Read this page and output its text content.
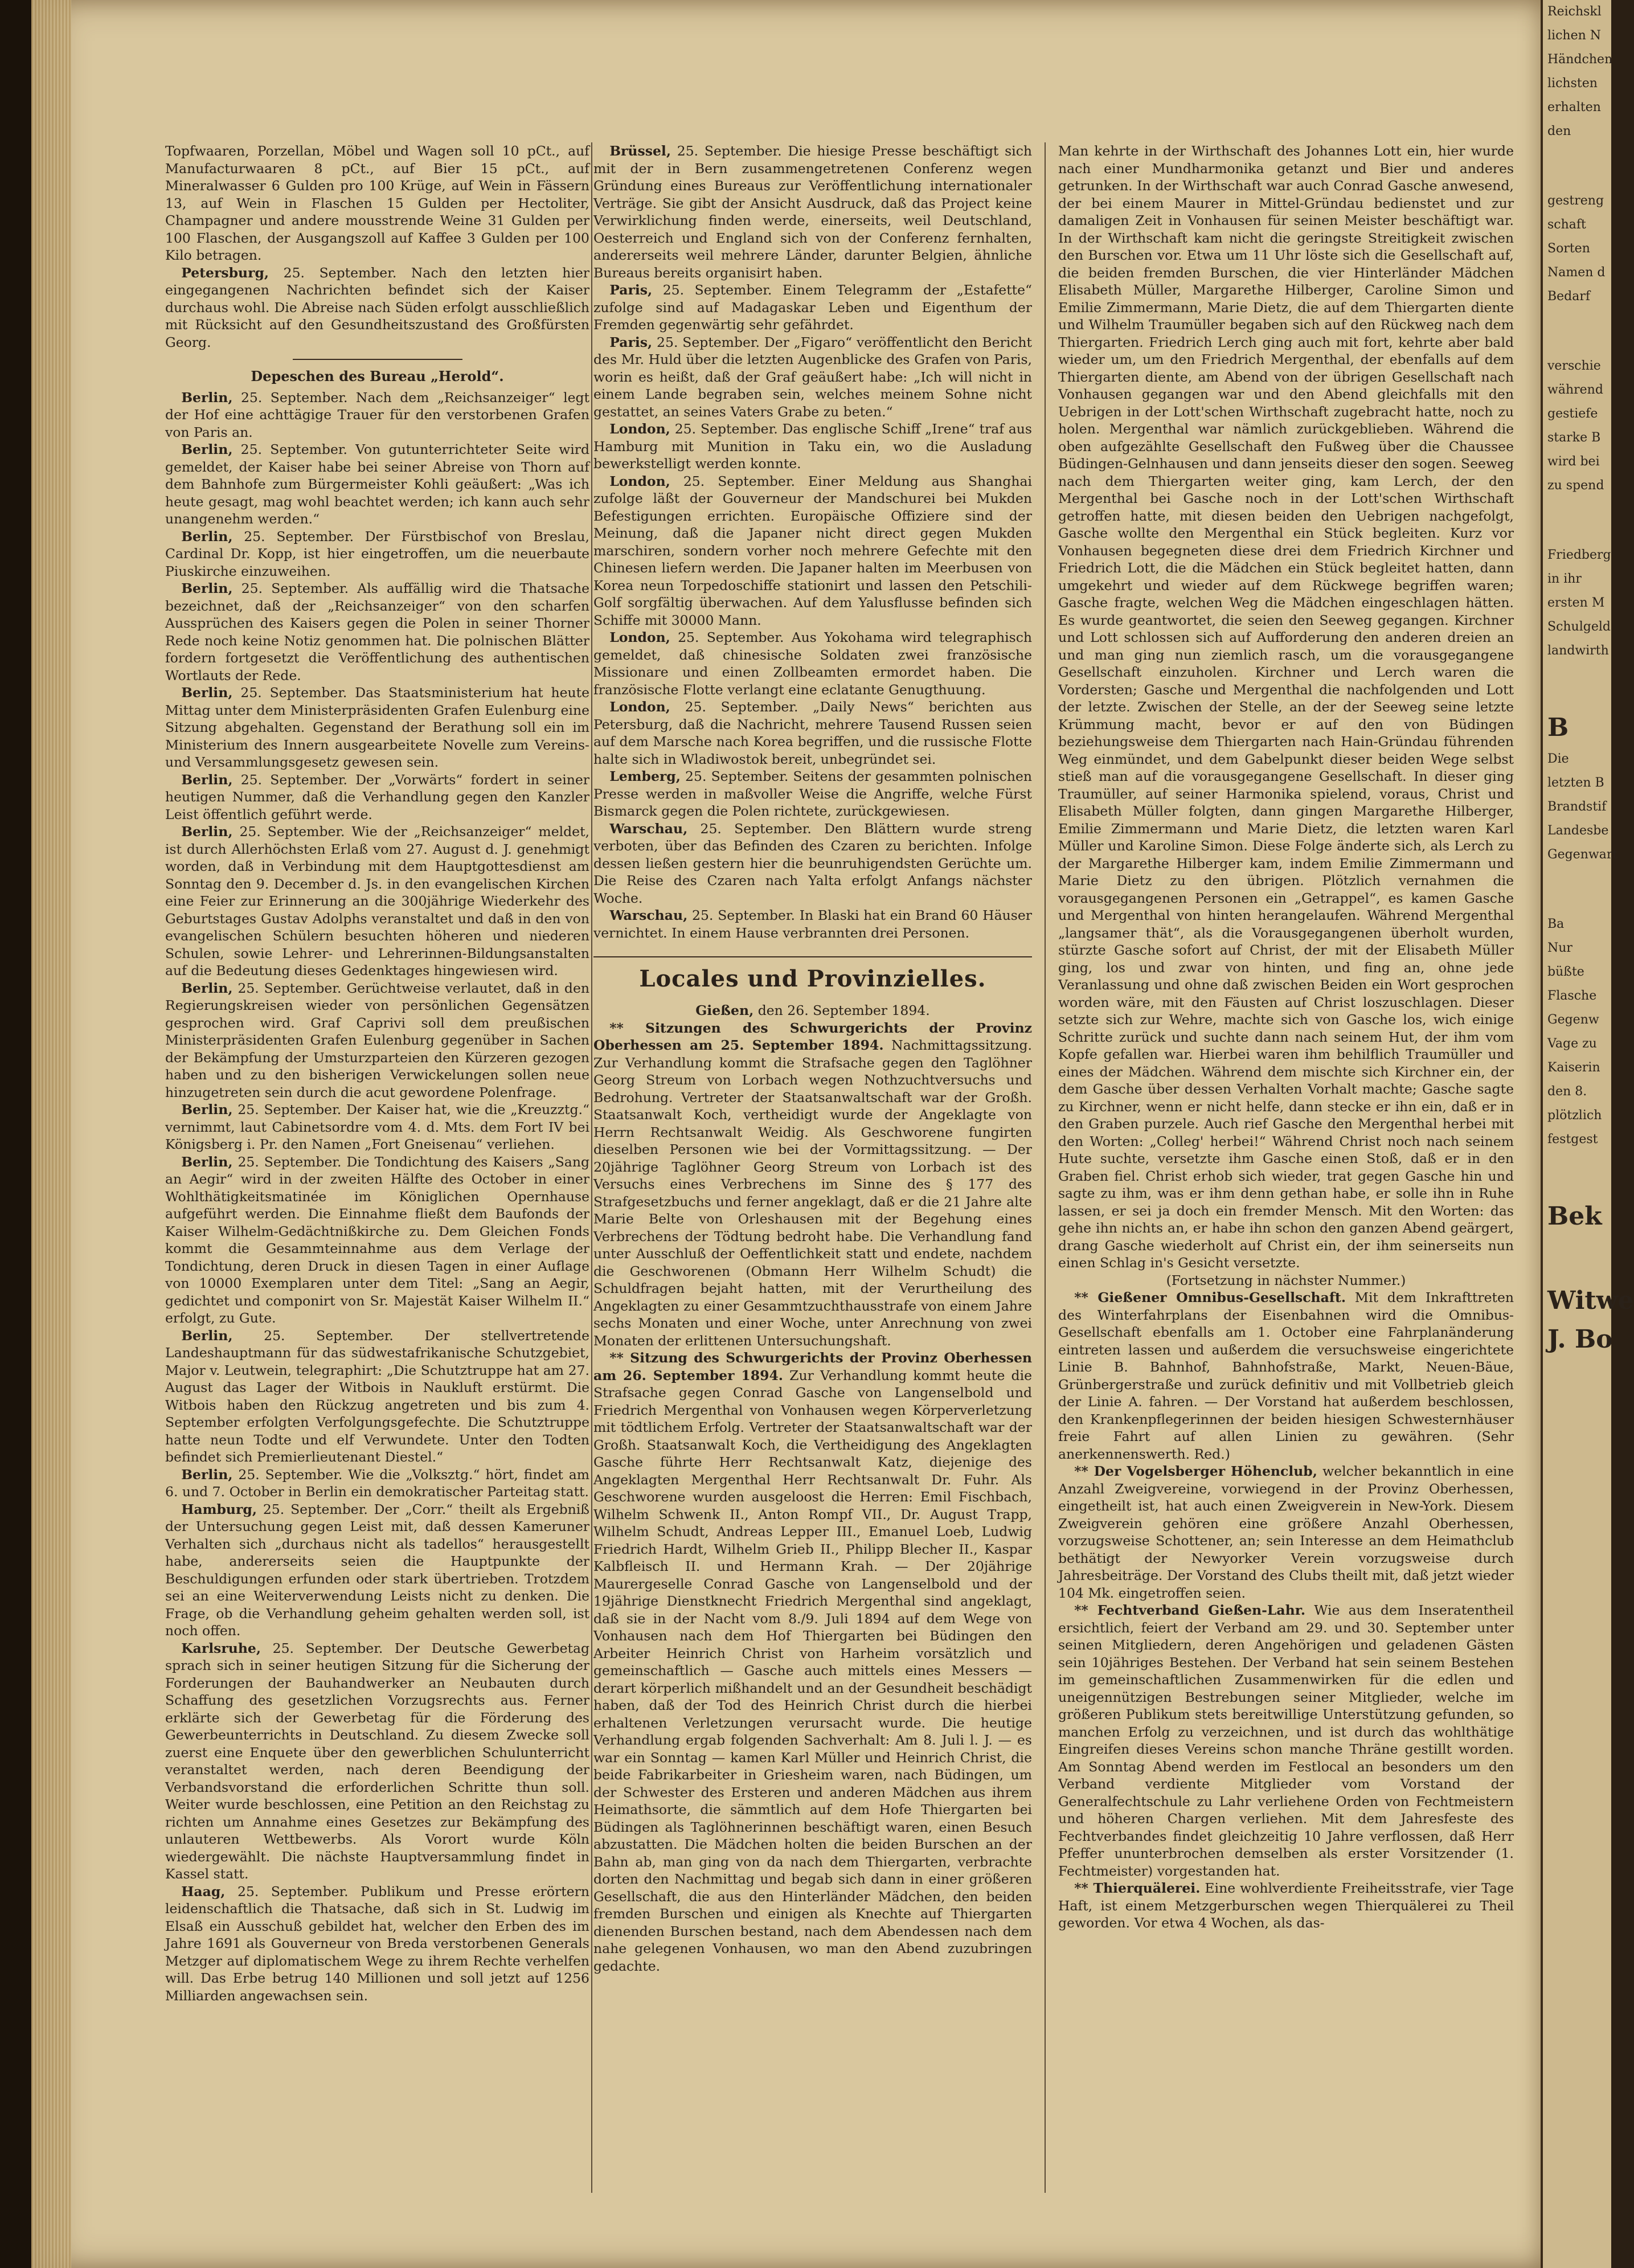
Topfwaaren, Porzellan, Möbel und Wagen soll 10 pCt., auf Manufacturwaaren 8 pCt., auf Bier 15 pCt., auf Mineralwasser 6 Gulden pro 100 Krüge, auf Wein in Fässern 13, auf Wein in Flaschen 15 Gulden per Hectoliter, Champagner und andere mousstrende Weine 31 Gulden per 100 Flaschen, der Ausgangszoll auf Kaffee 3 Gulden per 100 Kilo betragen.

Petersburg, 25. September. Nach den letzten hier eingegangenen Nachrichten befindet sich der Kaiser durchaus wohl. Die Abreise nach Süden erfolgt ausschließlich mit Rücksicht auf den Gesundheitszustand des Großfürsten Georg.

Depeschen des Bureau „Herold“.

Berlin, 25. September. Nach dem „Reichsanzeiger“ legt der Hof eine achttägige Trauer für den verstorbenen Grafen von Paris an.

Berlin, 25. September. Von gutunterrichteter Seite wird gemeldet, der Kaiser habe bei seiner Abreise von Thorn auf dem Bahnhofe zum Bürgermeister Kohli geäußert: „Was ich heute gesagt, mag wohl beachtet werden; ich kann auch sehr unangenehm werden.“

Berlin, 25. September. Der Fürstbischof von Breslau, Cardinal Dr. Kopp, ist hier eingetroffen, um die neuerbaute Piuskirche einzuweihen.

Berlin, 25. September. Als auffällig wird die Thatsache bezeichnet, daß der „Reichsanzeiger“ von den scharfen Aussprüchen des Kaisers gegen die Polen in seiner Thorner Rede noch keine Notiz genommen hat. Die polnischen Blätter fordern fortgesetzt die Veröffentlichung des authentischen Wortlauts der Rede.

Berlin, 25. September. Das Staatsministerium hat heute Mittag unter dem Ministerpräsidenten Grafen Eulenburg eine Sitzung abgehalten. Gegenstand der Berathung soll ein im Ministerium des Innern ausgearbeitete Novelle zum Vereins- und Versammlungsgesetz gewesen sein.

Berlin, 25. September. Der „Vorwärts“ fordert in seiner heutigen Nummer, daß die Verhandlung gegen den Kanzler Leist öffentlich geführt werde.

Berlin, 25. September. Wie der „Reichsanzeiger“ meldet, ist durch Allerhöchsten Erlaß vom 27. August d. J. genehmigt worden, daß in Verbindung mit dem Hauptgottesdienst am Sonntag den 9. December d. Js. in den evangelischen Kirchen eine Feier zur Erinnerung an die 300jährige Wiederkehr des Geburtstages Gustav Adolphs veranstaltet und daß in den von evangelischen Schülern besuchten höheren und niederen Schulen, sowie Lehrer- und Lehrerinnen-Bildungsanstalten auf die Bedeutung dieses Gedenktages hingewiesen wird.

Berlin, 25. September. Gerüchtweise verlautet, daß in den Regierungskreisen wieder von persönlichen Gegensätzen gesprochen wird. Graf Caprivi soll dem preußischen Ministerpräsidenten Grafen Eulenburg gegenüber in Sachen der Bekämpfung der Umsturzparteien den Kürzeren gezogen haben und zu den bisherigen Verwickelungen sollen neue hinzugetreten sein durch die acut gewordene Polenfrage.

Berlin, 25. September. Der Kaiser hat, wie die „Kreuzztg.“ vernimmt, laut Cabinetsordre vom 4. d. Mts. dem Fort IV bei Königsberg i. Pr. den Namen „Fort Gneisenau“ verliehen.

Berlin, 25. September. Die Tondichtung des Kaisers „Sang an Aegir“ wird in der zweiten Hälfte des October in einer Wohlthätigkeitsmatinée im Königlichen Opernhause aufgeführt werden. Die Einnahme fließt dem Baufonds der Kaiser Wilhelm-Gedächtnißkirche zu. Dem Gleichen Fonds kommt die Gesammteinnahme aus dem Verlage der Tondichtung, deren Druck in diesen Tagen in einer Auflage von 10000 Exemplaren unter dem Titel: „Sang an Aegir, gedichtet und componirt von Sr. Majestät Kaiser Wilhelm II.“ erfolgt, zu Gute.

Berlin, 25. September. Der stellvertretende Landeshauptmann für das südwestafrikanische Schutzgebiet, Major v. Leutwein, telegraphirt: „Die Schutztruppe hat am 27. August das Lager der Witbois in Naukluft erstürmt. Die Witbois haben den Rückzug angetreten und bis zum 4. September erfolgten Verfolgungsgefechte. Die Schutztruppe hatte neun Todte und elf Verwundete. Unter den Todten befindet sich Premierlieutenant Diestel.“

Berlin, 25. September. Wie die „Volksztg.“ hört, findet am 6. und 7. October in Berlin ein demokratischer Parteitag statt.

Hamburg, 25. September. Der „Corr.“ theilt als Ergebniß der Untersuchung gegen Leist mit, daß dessen Kameruner Verhalten sich „durchaus nicht als tadellos“ herausgestellt habe, andererseits seien die Hauptpunkte der Beschuldigungen erfunden oder stark übertrieben. Trotzdem sei an eine Weiterverwendung Leists nicht zu denken. Die Frage, ob die Verhandlung geheim gehalten werden soll, ist noch offen.

Karlsruhe, 25. September. Der Deutsche Gewerbetag sprach sich in seiner heutigen Sitzung für die Sicherung der Forderungen der Bauhandwerker an Neubauten durch Schaffung des gesetzlichen Vorzugsrechts aus. Ferner erklärte sich der Gewerbetag für die Förderung des Gewerbeunterrichts in Deutschland. Zu diesem Zwecke soll zuerst eine Enquete über den gewerblichen Schulunterricht veranstaltet werden, nach deren Beendigung der Verbandsvorstand die erforderlichen Schritte thun soll. Weiter wurde beschlossen, eine Petition an den Reichstag zu richten um Annahme eines Gesetzes zur Bekämpfung des unlauteren Wettbewerbs. Als Vorort wurde Köln wiedergewählt. Die nächste Hauptversammlung findet in Kassel statt.

Haag, 25. September. Publikum und Presse erörtern leidenschaftlich die Thatsache, daß sich in St. Ludwig im Elsaß ein Ausschuß gebildet hat, welcher den Erben des im Jahre 1691 als Gouverneur von Breda verstorbenen Generals Metzger auf diplomatischem Wege zu ihrem Rechte verhelfen will. Das Erbe betrug 140 Millionen und soll jetzt auf 1256 Milliarden angewachsen sein.

Brüssel, 25. September. Die hiesige Presse beschäftigt sich mit der in Bern zusammengetretenen Conferenz wegen Gründung eines Bureaus zur Veröffentlichung internationaler Verträge. Sie gibt der Ansicht Ausdruck, daß das Project keine Verwirklichung finden werde, einerseits, weil Deutschland, Oesterreich und England sich von der Conferenz fernhalten, andererseits weil mehrere Länder, darunter Belgien, ähnliche Bureaus bereits organisirt haben.

Paris, 25. September. Einem Telegramm der „Estafette“ zufolge sind auf Madagaskar Leben und Eigenthum der Fremden gegenwärtig sehr gefährdet.

Paris, 25. September. Der „Figaro“ veröffentlicht den Bericht des Mr. Huld über die letzten Augenblicke des Grafen von Paris, worin es heißt, daß der Graf geäußert habe: „Ich will nicht in einem Lande begraben sein, welches meinem Sohne nicht gestattet, an seines Vaters Grabe zu beten.“

London, 25. September. Das englische Schiff „Irene“ traf aus Hamburg mit Munition in Taku ein, wo die Ausladung bewerkstelligt werden konnte.

London, 25. September. Einer Meldung aus Shanghai zufolge läßt der Gouverneur der Mandschurei bei Mukden Befestigungen errichten. Europäische Offiziere sind der Meinung, daß die Japaner nicht direct gegen Mukden marschiren, sondern vorher noch mehrere Gefechte mit den Chinesen liefern werden. Die Japaner halten im Meerbusen von Korea neun Torpedoschiffe stationirt und lassen den Petschili-Golf sorgfältig überwachen. Auf dem Yalusflusse befinden sich Schiffe mit 30000 Mann.

London, 25. September. Aus Yokohama wird telegraphisch gemeldet, daß chinesische Soldaten zwei französische Missionare und einen Zollbeamten ermordet haben. Die französische Flotte verlangt eine eclatante Genugthuung.

London, 25. September. „Daily News“ berichten aus Petersburg, daß die Nachricht, mehrere Tausend Russen seien auf dem Marsche nach Korea begriffen, und die russische Flotte halte sich in Wladiwostok bereit, unbegründet sei.

Lemberg, 25. September. Seitens der gesammten polnischen Presse werden in maßvoller Weise die Angriffe, welche Fürst Bismarck gegen die Polen richtete, zurückgewiesen.

Warschau, 25. September. Den Blättern wurde streng verboten, über das Befinden des Czaren zu berichten. Infolge dessen ließen gestern hier die beunruhigendsten Gerüchte um. Die Reise des Czaren nach Yalta erfolgt Anfangs nächster Woche.

Warschau, 25. September. In Blaski hat ein Brand 60 Häuser vernichtet. In einem Hause verbrannten drei Personen.

Locales und Provinzielles.

Gießen, den 26. September 1894.

** Sitzungen des Schwurgerichts der Provinz Oberhessen am 25. September 1894. Nachmittagssitzung. Zur Verhandlung kommt die Strafsache gegen den Taglöhner Georg Streum von Lorbach wegen Nothzuchtversuchs und Bedrohung. Vertreter der Staatsanwaltschaft war der Großh. Staatsanwalt Koch, vertheidigt wurde der Angeklagte von Herrn Rechtsanwalt Weidig. Als Geschworene fungirten dieselben Personen wie bei der Vormittagssitzung. — Der 20jährige Taglöhner Georg Streum von Lorbach ist des Versuchs eines Verbrechens im Sinne des § 177 des Strafgesetzbuchs und ferner angeklagt, daß er die 21 Jahre alte Marie Belte von Orleshausen mit der Begehung eines Verbrechens der Tödtung bedroht habe. Die Verhandlung fand unter Ausschluß der Oeffentlichkeit statt und endete, nachdem die Geschworenen (Obmann Herr Wilhelm Schudt) die Schuldfragen bejaht hatten, mit der Verurtheilung des Angeklagten zu einer Gesammtzuchthausstrafe von einem Jahre sechs Monaten und einer Woche, unter Anrechnung von zwei Monaten der erlittenen Untersuchungshaft.

** Sitzung des Schwurgerichts der Provinz Oberhessen am 26. September 1894. Zur Verhandlung kommt heute die Strafsache gegen Conrad Gasche von Langenselbold und Friedrich Mergenthal von Vonhausen wegen Körperverletzung mit tödtlichem Erfolg. Vertreter der Staatsanwaltschaft war der Großh. Staatsanwalt Koch, die Vertheidigung des Angeklagten Gasche führte Herr Rechtsanwalt Katz, diejenige des Angeklagten Mergenthal Herr Rechtsanwalt Dr. Fuhr. Als Geschworene wurden ausgeloost die Herren: Emil Fischbach, Wilhelm Schwenk II., Anton Rompf VII., Dr. August Trapp, Wilhelm Schudt, Andreas Lepper III., Emanuel Loeb, Ludwig Friedrich Hardt, Wilhelm Grieb II., Philipp Blecher II., Kaspar Kalbfleisch II. und Hermann Krah. — Der 20jährige Maurergeselle Conrad Gasche von Langenselbold und der 19jährige Dienstknecht Friedrich Mergenthal sind angeklagt, daß sie in der Nacht vom 8./9. Juli 1894 auf dem Wege von Vonhausen nach dem Hof Thiergarten bei Büdingen den Arbeiter Heinrich Christ von Harheim vorsätzlich und gemeinschaftlich — Gasche auch mittels eines Messers — derart körperlich mißhandelt und an der Gesundheit beschädigt haben, daß der Tod des Heinrich Christ durch die hierbei erhaltenen Verletzungen verursacht wurde. Die heutige Verhandlung ergab folgenden Sachverhalt: Am 8. Juli l. J. — es war ein Sonntag — kamen Karl Müller und Heinrich Christ, die beide Fabrikarbeiter in Griesheim waren, nach Büdingen, um der Schwester des Ersteren und anderen Mädchen aus ihrem Heimathsorte, die sämmtlich auf dem Hofe Thiergarten bei Büdingen als Taglöhnerinnen beschäftigt waren, einen Besuch abzustatten. Die Mädchen holten die beiden Burschen an der Bahn ab, man ging von da nach dem Thiergarten, verbrachte dorten den Nachmittag und begab sich dann in einer größeren Gesellschaft, die aus den Hinterländer Mädchen, den beiden fremden Burschen und einigen als Knechte auf Thiergarten dienenden Burschen bestand, nach dem Abendessen nach dem nahe gelegenen Vonhausen, wo man den Abend zuzubringen gedachte.

Man kehrte in der Wirthschaft des Johannes Lott ein, hier wurde nach einer Mundharmonika getanzt und Bier und anderes getrunken. In der Wirthschaft war auch Conrad Gasche anwesend, der bei einem Maurer in Mittel-Gründau bedienstet und zur damaligen Zeit in Vonhausen für seinen Meister beschäftigt war. In der Wirthschaft kam nicht die geringste Streitigkeit zwischen den Burschen vor. Etwa um 11 Uhr löste sich die Gesellschaft auf, die beiden fremden Burschen, die vier Hinterländer Mädchen Elisabeth Müller, Margarethe Hilberger, Caroline Simon und Emilie Zimmermann, Marie Dietz, die auf dem Thiergarten diente und Wilhelm Traumüller begaben sich auf den Rückweg nach dem Thiergarten. Friedrich Lerch ging auch mit fort, kehrte aber bald wieder um, um den Friedrich Mergenthal, der ebenfalls auf dem Thiergarten diente, am Abend von der übrigen Gesellschaft nach Vonhausen gegangen war und den Abend gleichfalls mit den Uebrigen in der Lott'schen Wirthschaft zugebracht hatte, noch zu holen. Mergenthal war nämlich zurückgeblieben. Während die oben aufgezählte Gesellschaft den Fußweg über die Chaussee Büdingen-Gelnhausen und dann jenseits dieser den sogen. Seeweg nach dem Thiergarten weiter ging, kam Lerch, der den Mergenthal bei Gasche noch in der Lott'schen Wirthschaft getroffen hatte, mit diesen beiden den Uebrigen nachgefolgt, Gasche wollte den Mergenthal ein Stück begleiten. Kurz vor Vonhausen begegneten diese drei dem Friedrich Kirchner und Friedrich Lott, die die Mädchen ein Stück begleitet hatten, dann umgekehrt und wieder auf dem Rückwege begriffen waren; Gasche fragte, welchen Weg die Mädchen eingeschlagen hätten. Es wurde geantwortet, die seien den Seeweg gegangen. Kirchner und Lott schlossen sich auf Aufforderung den anderen dreien an und man ging nun ziemlich rasch, um die vorausgegangene Gesellschaft einzuholen. Kirchner und Lerch waren die Vordersten; Gasche und Mergenthal die nachfolgenden und Lott der letzte. Zwischen der Stelle, an der der Seeweg seine letzte Krümmung macht, bevor er auf den von Büdingen beziehungsweise dem Thiergarten nach Hain-Gründau führenden Weg einmündet, und dem Gabelpunkt dieser beiden Wege selbst stieß man auf die vorausgegangene Gesellschaft. In dieser ging Traumüller, auf seiner Harmonika spielend, voraus, Christ und Elisabeth Müller folgten, dann gingen Margarethe Hilberger, Emilie Zimmermann und Marie Dietz, die letzten waren Karl Müller und Karoline Simon. Diese Folge änderte sich, als Lerch zu der Margarethe Hilberger kam, indem Emilie Zimmermann und Marie Dietz zu den übrigen. Plötzlich vernahmen die vorausgegangenen Personen ein „Getrappel“, es kamen Gasche und Mergenthal von hinten herangelaufen. Während Mergenthal „langsamer thät“, als die Vorausgegangenen überholt wurden, stürzte Gasche sofort auf Christ, der mit der Elisabeth Müller ging, los und zwar von hinten, und fing an, ohne jede Veranlassung und ohne daß zwischen Beiden ein Wort gesprochen worden wäre, mit den Fäusten auf Christ loszuschlagen. Dieser setzte sich zur Wehre, machte sich von Gasche los, wich einige Schritte zurück und suchte dann nach seinem Hut, der ihm vom Kopfe gefallen war. Hierbei waren ihm behilflich Traumüller und eines der Mädchen. Während dem mischte sich Kirchner ein, der dem Gasche über dessen Verhalten Vorhalt machte; Gasche sagte zu Kirchner, wenn er nicht helfe, dann stecke er ihn ein, daß er in den Graben purzele. Auch rief Gasche den Mergenthal herbei mit den Worten: „Colleg' herbei!“ Während Christ noch nach seinem Hute suchte, versetzte ihm Gasche einen Stoß, daß er in den Graben fiel. Christ erhob sich wieder, trat gegen Gasche hin und sagte zu ihm, was er ihm denn gethan habe, er solle ihn in Ruhe lassen, er sei ja doch ein fremder Mensch. Mit den Worten: das gehe ihn nichts an, er habe ihn schon den ganzen Abend geärgert, drang Gasche wiederholt auf Christ ein, der ihm seinerseits nun einen Schlag in's Gesicht versetzte.

(Fortsetzung in nächster Nummer.)

** Gießener Omnibus-Gesellschaft. Mit dem Inkrafttreten des Winterfahrplans der Eisenbahnen wird die Omnibus-Gesellschaft ebenfalls am 1. October eine Fahrplanänderung eintreten lassen und außerdem die versuchsweise eingerichtete Linie B. Bahnhof, Bahnhofstraße, Markt, Neuen-Bäue, Grünbergerstraße und zurück definitiv und mit Vollbetrieb gleich der Linie A. fahren. — Der Vorstand hat außerdem beschlossen, den Krankenpflegerinnen der beiden hiesigen Schwesternhäuser freie Fahrt auf allen Linien zu gewähren. (Sehr anerkennenswerth. Red.)

** Der Vogelsberger Höhenclub, welcher bekanntlich in eine Anzahl Zweigvereine, vorwiegend in der Provinz Oberhessen, eingetheilt ist, hat auch einen Zweigverein in New-York. Diesem Zweigverein gehören eine größere Anzahl Oberhessen, vorzugsweise Schottener, an; sein Interesse an dem Heimathclub bethätigt der Newyorker Verein vorzugsweise durch Jahresbeiträge. Der Vorstand des Clubs theilt mit, daß jetzt wieder 104 Mk. eingetroffen seien.

** Fechtverband Gießen-Lahr. Wie aus dem Inseratentheil ersichtlich, feiert der Verband am 29. und 30. September unter seinen Mitgliedern, deren Angehörigen und geladenen Gästen sein 10jähriges Bestehen. Der Verband hat sein seinem Bestehen im gemeinschaftlichen Zusammenwirken für die edlen und uneigennützigen Bestrebungen seiner Mitglieder, welche im größeren Publikum stets bereitwillige Unterstützung gefunden, so manchen Erfolg zu verzeichnen, und ist durch das wohlthätige Eingreifen dieses Vereins schon manche Thräne gestillt worden. Am Sonntag Abend werden im Festlocal an besonders um den Verband verdiente Mitglieder vom Vorstand der Generalfechtschule zu Lahr verliehene Orden von Fechtmeistern und höheren Chargen verliehen. Mit dem Jahresfeste des Fechtverbandes findet gleichzeitig 10 Jahre verflossen, daß Herr Pfeffer ununterbrochen demselben als erster Vorsitzender (1. Fechtmeister) vorgestanden hat.

** Thierquälerei. Eine wohlverdiente Freiheitsstrafe, vier Tage Haft, ist einem Metzgerburschen wegen Thierquälerei zu Theil geworden. Vor etwa 4 Wochen, als das-

Reichskl
lichen N
Händchen
lichsten
erhalten
den
gestreng
schaft
Sorten
Namen d
Bedarf
verschie
während
gestiefe
starke B
wird bei
zu spend
Friedberg
in ihr
ersten M
Schulgeld
landwirth
B
Die
letzten B
Brandstif
Landesbe
Gegenwart
Ba
Nur
büßte
Flasche
Gegenw
Vage zu
Kaiserin
den 8.
plötzlich
festgest
Bek
Witwe
J. Bo
